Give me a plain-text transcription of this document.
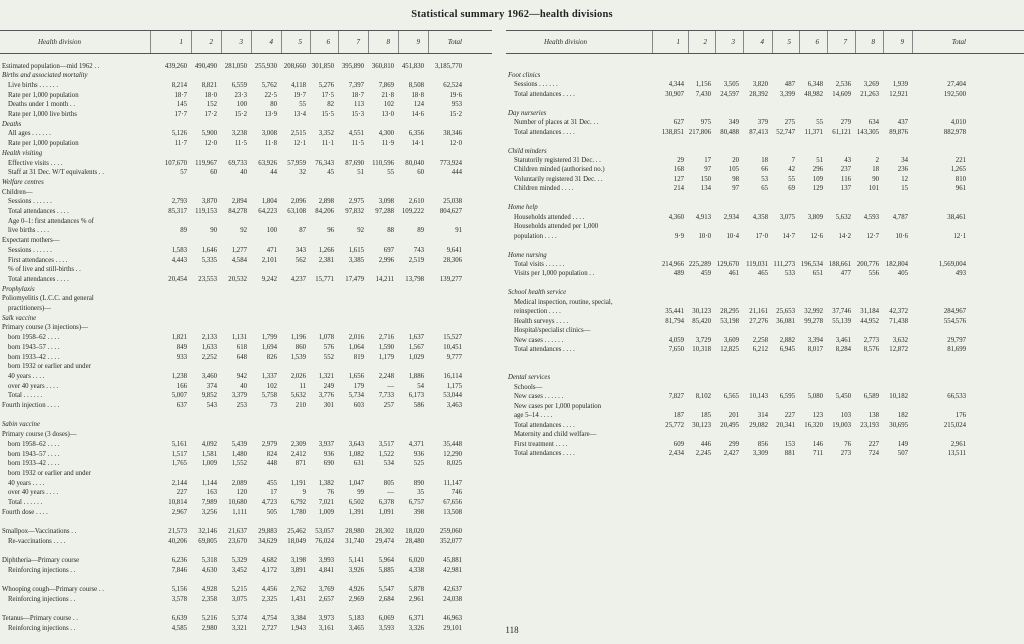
Statistical summary 1962—health divisions
Health division	1	2	3	4	5	6	7	8	9	Total
Estimated population—mid 1962 . .	439,260	490,490	281,050	255,930	208,660 301,850	395,890	360,810	451,830	3,185,770
Births and associated mortality
Live births . . . . . .	8,214	8,821	6,559	5,762	4,118	5,276	7,397	7,869	8,508	62,524
Rate per 1,000 population	18·7	18·0	23·3	22·5	19·7	17·5	18·7	21·8	18·8	19·6
Deaths under 1 month . .	145	152	100	80	55	82	113	102	124	953
Rate per 1,000 live births	17·7	17·2	15·2	13·9	13·4	15·5	15·3	13·0	14·6	15·2
Deaths
All ages . . . . . .	5,126	5,900	3,238	3,008	2,515	3,352	4,551	4,300	6,356	38,346
Rate per 1,000 population	11·7	12·0	11·5	11·8	12·1	11·1	11·5	11·9	14·1	12·0
Health visiting
Effective visits . . . .	107,670	119,967	69,733	63,926	57,959	76,343	87,690	110,596	80,040	773,924
Staff at 31 Dec. W/T equivalents . .	57	60	40	44	32	45	51	55	60	444
Welfare centres
Children—
Sessions . . . . . .	2,793	3,870	2,894	1,804	2,096	2,898	2,975	3,098	2,610	25,038
Total attendances . . . .	85,317	119,153	84,278	64,223	63,108	84,206	97,832	97,288	109,222	804,627
Age 0–1: first attendances % of
live births . . . .	89	90	92	100	87	96	92	88	89	91
Expectant mothers—
Sessions . . . . . .	1,583	1,646	1,277	471	343	1,266	1,615	697	743	9,641
First attendances . . . .	4,443	5,335	4,584	2,101	562	2,381	3,385	2,996	2,519	28,306
% of live and still-births . .
Total attendances . . . .	20,454	23,553	20,532	9,242	4,237	15,771	17,479	14,211	13,798	139,277
Prophylaxis
Poliomyelitis (L.C.C. and general
practitioners)—
Salk vaccine
Primary course (3 injections)—
born 1958–62 . . . .	1,821	2,133	1,131	1,799	1,196	1,078	2,016	2,716	1,637	15,527
born 1943–57 . . . .	849	1,633	618	1,694	860	576	1,064	1,590	1,567	10,451
born 1933–42 . . . .	933	2,252	648	826	1,539	552	819	1,179	1,029	9,777
born 1932 or earlier and under
40 years . . . .	1,238	3,460	942	1,337	2,026	1,321	1,656	2,248	1,886	16,114
over 40 years . . . .	166	374	40	102	11	249	179	—	54	1,175
Total . . . . . .	5,007	9,852	3,379	5,758	5,632	3,776	5,734	7,733	6,173	53,044
Fourth injection . . . .	637	543	253	73	210	301	603	257	586	3,463
Sabin vaccine
Primary course (3 doses)—
born 1958–62 . . . .	5,161	4,092	5,439	2,979	2,309	3,937	3,643	3,517	4,371	35,448
born 1943–57 . . . .	1,517	1,581	1,480	824	2,412	936	1,082	1,522	936	12,290
born 1933–42 . . . .	1,765	1,009	1,552	448	871	690	631	534	525	8,025
born 1932 or earlier and under
40 years . . . .	2,144	1,144	2,089	455	1,191	1,382	1,047	805	890	11,147
over 40 years . . . .	227	163	120	17	9	76	99	—	35	746
Total . . . . . .	10,814	7,989	10,680	4,723	6,792	7,021	6,502	6,378	6,757	67,656
Fourth dose . . . .	2,967	3,256	1,111	505	1,780	1,009	1,391	1,091	398	13,508
Smallpox—Vaccinations . .	21,573	32,146	21,637	29,883	25,462	53,057	28,980	28,302	18,020	259,060
Re-vaccinations . . . .	40,206	69,805	23,670	34,629	18,049	76,024	31,740	29,474	28,480	352,077
Diphtheria—Primary course	6,236	5,318	5,329	4,682	3,198	3,993	5,141	5,964	6,020	45,881
Reinforcing injections . .	7,846	4,630	3,452	4,172	3,891	4,841	3,926	5,885	4,338	42,981
Whooping cough—Primary course . .	5,156	4,928	5,215	4,456	2,762	3,769	4,926	5,547	5,878	42,637
Reinforcing injections . .	3,578	2,358	3,075	2,325	1,431	2,657	2,969	2,684	2,961	24,038
Tetanus—Primary course . .	6,639	5,216	5,374	4,754	3,384	3,973	5,183	6,069	6,371	46,963
Reinforcing injections . .	4,585	2,980	3,321	2,727	1,943	3,161	3,465	3,593	3,326	29,101
Health division	1	2	3	4	5	6	7	8	9	Total
Foot clinics
Sessions . . . . . .	4,344	1,156	3,505	3,820	487	6,348	2,536	3,269	1,939	27,404
Total attendances . . . .	30,907	7,430	24,597	28,392	3,399	48,982	14,609	21,263	12,921	192,500
Day nurseries
Number of places at 31 Dec. . .	627	975	349	379	275	55	279	634	437	4,010
Total attendances . . . .	138,851 217,806	80,488	87,413	52,747	11,371	61,121 143,305	89,876	882,978
Child minders
Statutorily registered 31 Dec. . .	29	17	20	18	7	51	43	2	34	221
Children minded (authorised no.)	168	97	105	66	42	296	237	18	236	1,265
Voluntarily registered 31 Dec. . .	127	150	98	53	55	109	116	90	12	810
Children minded . . . .	214	134	97	65	69	129	137	101	15	961
Home help
Households attended . . . .	4,360	4,913	2,934	4,358	3,075	3,809	5,632	4,593	4,787	38,461
Households attended per 1,000
population . . . .	9·9	10·0	10·4	17·0	14·7	12·6	14·2	12·7	10·6	12·1
Home nursing
Total visits . . . . . .	214,966 225,289 129,670	119,031 111,273 196,534 188,661 200,776	182,804	1,569,004
Visits per 1,000 population . .	489	459	461	465	533	651	477	556	405	493
School health service
Medical inspection, routine, special,
reinspection . . . .	35,441	30,123	28,295	21,161	25,653	32,992	37,746	31,184	42,372	284,967
Health surveys . . . .	81,794	85,420	53,198	27,276	36,081	99,278	55,139	44,952	71,438	554,576
Hospital/specialist clinics—
New cases . . . . . .	4,059	3,729	3,609	2,258	2,882	3,394	3,461	2,773	3,632	29,797
Total attendances . . . .	7,650	10,318	12,825	6,212	6,945	8,017	8,284	8,576	12,872	81,699
Dental services
Schools—
New cases . . . . . .	7,827	8,102	6,565	10,143	6,595	5,080	5,450	6,589	10,182	66,533
New cases per 1,000 population
age 5–14 . . . .	187	185	201	314	227	123	103	138	182	176
Total attendances . . . .	25,772	30,123	20,495	29,082	20,341	16,320	19,003	23,193	30,695	215,024
Maternity and child welfare—
First treatment . . . .	609	446	299	856	153	146	76	227	149	2,961
Total attendances . . . .	2,434	2,245	2,427	3,309	881	711	273	724	507	13,511
118
